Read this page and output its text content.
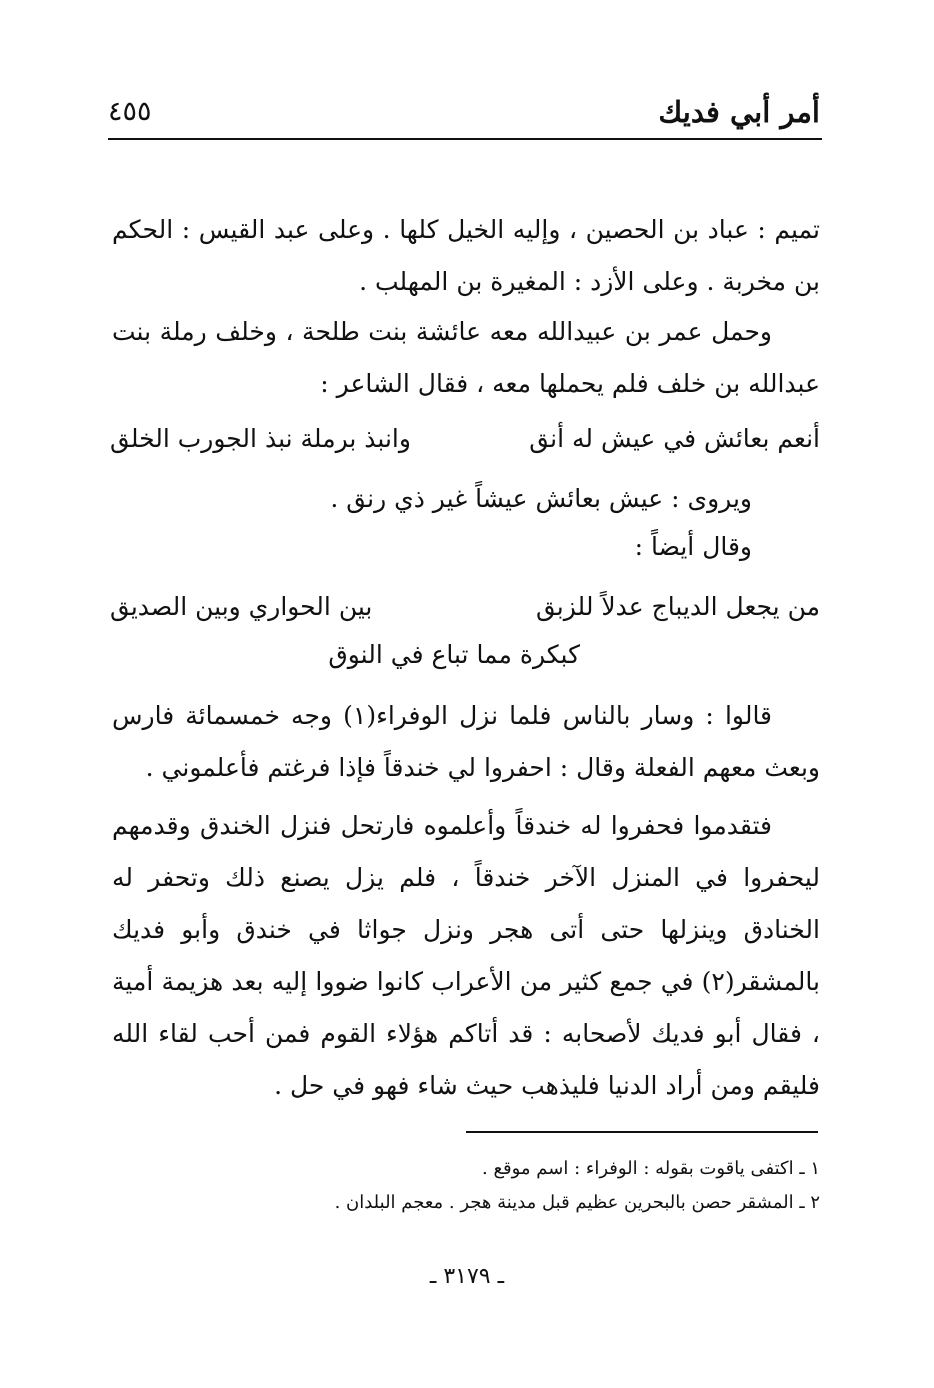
أمر أبي فديك
٤٥٥

تميم : عباد بن الحصين ، وإليه الخيل كلها . وعلى عبد القيس : الحكم بن مخربة . وعلى الأزد : المغيرة بن المهلب .

وحمل عمر بن عبيدالله معه عائشة بنت طلحة ، وخلف رملة بنت عبدالله بن خلف فلم يحملها معه ، فقال الشاعر :

أنعم بعائش في عيش له أنق
وانبذ برملة نبذ الجورب الخلق
ويروى : عيش بعائش عيشاً غير ذي رنق .
وقال أيضاً :
من يجعل الديباج عدلاً للزبق
بين الحواري وبين الصديق
كبكرة مما تباع في النوق

قالوا : وسار بالناس فلما نزل الوفراء(١) وجه خمسمائة فارس وبعث معهم الفعلة وقال : احفروا لي خندقاً فإذا فرغتم فأعلموني .

فتقدموا فحفروا له خندقاً وأعلموه فارتحل فنزل الخندق وقدمهم ليحفروا في المنزل الآخر خندقاً ، فلم يزل يصنع ذلك وتحفر له الخنادق وينزلها حتى أتى هجر ونزل جواثا في خندق وأبو فديك بالمشقر(٢) في جمع كثير من الأعراب كانوا ضووا إليه بعد هزيمة أمية ، فقال أبو فديك لأصحابه : قد أتاكم هؤلاء القوم فمن أحب لقاء الله فليقم ومن أراد الدنيا فليذهب حيث شاء فهو في حل .

١ ـ اكتفى ياقوت بقوله : الوفراء : اسم موقع .
٢ ـ المشقر حصن بالبحرين عظيم قبل مدينة هجر . معجم البلدان .
ـ ٣١٧٩ ـ
